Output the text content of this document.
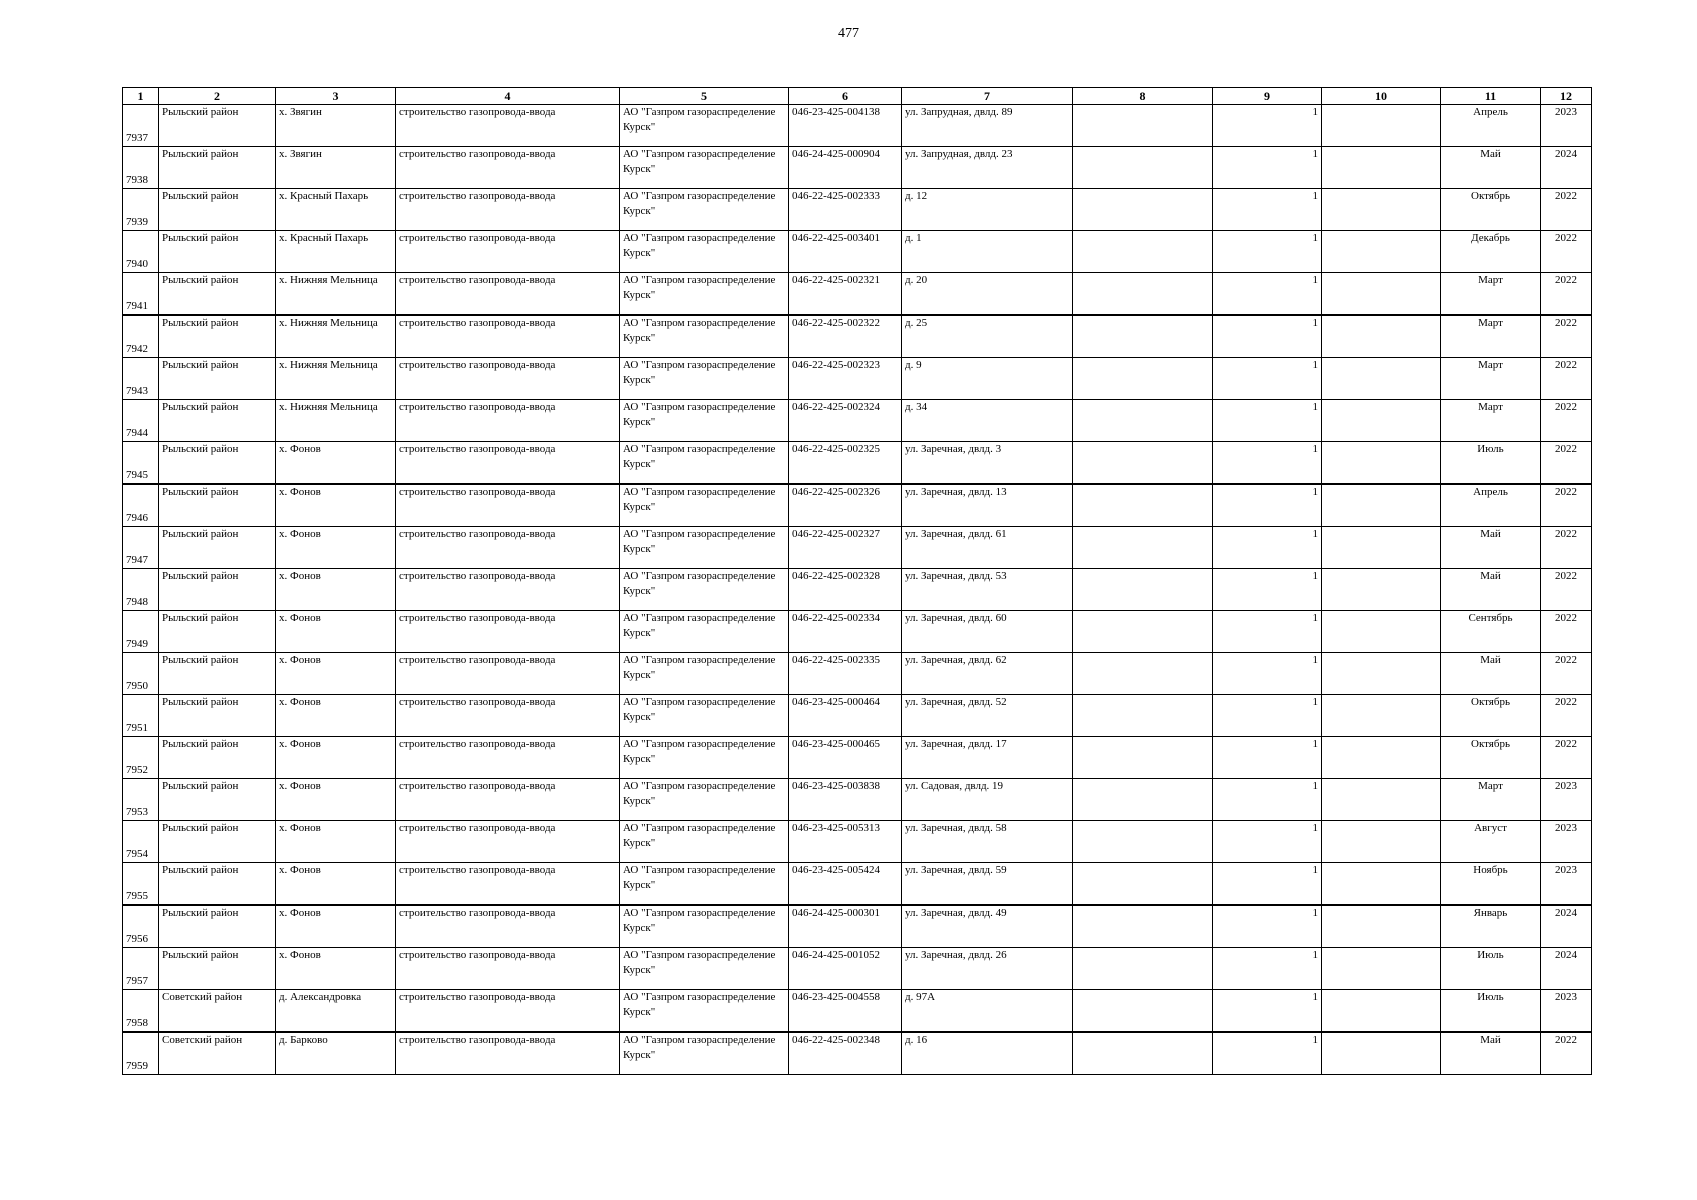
477
1	2	3	4	5	6	7	8	9	10	11	12
7937	Рыльский район	х. Звягин	строительство газопровода-ввода	АО "Газпром газораспределение Курск"	046-23-425-004138	ул. Запрудная, двлд. 89		1		Апрель	2023
7938	Рыльский район	х. Звягин	строительство газопровода-ввода	АО "Газпром газораспределение Курск"	046-24-425-000904	ул. Запрудная, двлд. 23		1		Май	2024
7939	Рыльский район	х. Красный Пахарь	строительство газопровода-ввода	АО "Газпром газораспределение Курск"	046-22-425-002333	д. 12		1		Октябрь	2022
7940	Рыльский район	х. Красный Пахарь	строительство газопровода-ввода	АО "Газпром газораспределение Курск"	046-22-425-003401	д. 1		1		Декабрь	2022
7941	Рыльский район	х. Нижняя Мельница	строительство газопровода-ввода	АО "Газпром газораспределение Курск"	046-22-425-002321	д. 20		1		Март	2022
7942	Рыльский район	х. Нижняя Мельница	строительство газопровода-ввода	АО "Газпром газораспределение Курск"	046-22-425-002322	д. 25		1		Март	2022
7943	Рыльский район	х. Нижняя Мельница	строительство газопровода-ввода	АО "Газпром газораспределение Курск"	046-22-425-002323	д. 9		1		Март	2022
7944	Рыльский район	х. Нижняя Мельница	строительство газопровода-ввода	АО "Газпром газораспределение Курск"	046-22-425-002324	д. 34		1		Март	2022
7945	Рыльский район	х. Фонов	строительство газопровода-ввода	АО "Газпром газораспределение Курск"	046-22-425-002325	ул. Заречная, двлд. 3		1		Июль	2022
7946	Рыльский район	х. Фонов	строительство газопровода-ввода	АО "Газпром газораспределение Курск"	046-22-425-002326	ул. Заречная, двлд. 13		1		Апрель	2022
7947	Рыльский район	х. Фонов	строительство газопровода-ввода	АО "Газпром газораспределение Курск"	046-22-425-002327	ул. Заречная, двлд. 61		1		Май	2022
7948	Рыльский район	х. Фонов	строительство газопровода-ввода	АО "Газпром газораспределение Курск"	046-22-425-002328	ул. Заречная, двлд. 53		1		Май	2022
7949	Рыльский район	х. Фонов	строительство газопровода-ввода	АО "Газпром газораспределение Курск"	046-22-425-002334	ул. Заречная, двлд. 60		1		Сентябрь	2022
7950	Рыльский район	х. Фонов	строительство газопровода-ввода	АО "Газпром газораспределение Курск"	046-22-425-002335	ул. Заречная, двлд. 62		1		Май	2022
7951	Рыльский район	х. Фонов	строительство газопровода-ввода	АО "Газпром газораспределение Курск"	046-23-425-000464	ул. Заречная, двлд. 52		1		Октябрь	2022
7952	Рыльский район	х. Фонов	строительство газопровода-ввода	АО "Газпром газораспределение Курск"	046-23-425-000465	ул. Заречная, двлд. 17		1		Октябрь	2022
7953	Рыльский район	х. Фонов	строительство газопровода-ввода	АО "Газпром газораспределение Курск"	046-23-425-003838	ул. Садовая, двлд. 19		1		Март	2023
7954	Рыльский район	х. Фонов	строительство газопровода-ввода	АО "Газпром газораспределение Курск"	046-23-425-005313	ул. Заречная, двлд. 58		1		Август	2023
7955	Рыльский район	х. Фонов	строительство газопровода-ввода	АО "Газпром газораспределение Курск"	046-23-425-005424	ул. Заречная, двлд. 59		1		Ноябрь	2023
7956	Рыльский район	х. Фонов	строительство газопровода-ввода	АО "Газпром газораспределение Курск"	046-24-425-000301	ул. Заречная, двлд. 49		1		Январь	2024
7957	Рыльский район	х. Фонов	строительство газопровода-ввода	АО "Газпром газораспределение Курск"	046-24-425-001052	ул. Заречная, двлд. 26		1		Июль	2024
7958	Советский район	д. Александровка	строительство газопровода-ввода	АО "Газпром газораспределение Курск"	046-23-425-004558	д. 97А		1		Июль	2023
7959	Советский район	д. Барково	строительство газопровода-ввода	АО "Газпром газораспределение Курск"	046-22-425-002348	д. 16		1		Май	2022
